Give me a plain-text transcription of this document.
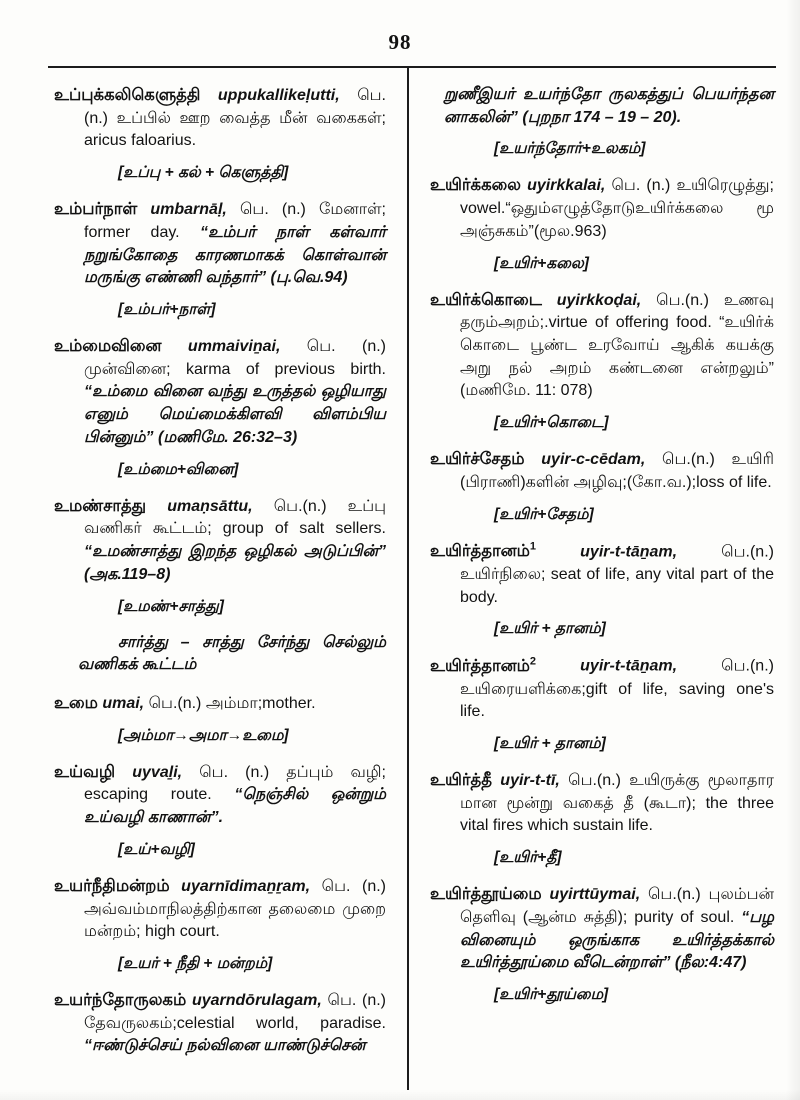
98

உப்புக்கலிகெளுத்தி uppukallikeḷutti, பெ. (n.) உப்பில் ஊற வைத்த மீன் வகைகள்; aricus faloarius.

[உப்பு + கல் + கெளுத்தி]

உம்பர்நாள் umbarnāḷ, பெ. (n.) மேனாள்; former day. “உம்பர் நாள் கள்வார் நறுங்கோதை காரணமாகக் கொள்வான் மருங்கு எண்ணி வந்தார்” (பு.வெ.94)

[உம்பர்+நாள்]

உம்மைவினை ummaiviṉai, பெ. (n.) முன்வினை; karma of previous birth. “உம்மை வினை வந்து உருத்தல் ஒழியாது எனும் மெய்மைக்கிளவி விளம்பிய பின்னும்” (மணிமே. 26:32–3)

[உம்மை+வினை]

உமண்சாத்து umaṇsāttu, பெ.(n.) உப்பு வணிகர் கூட்டம்; group of salt sellers. “உமண்சாத்து இறந்த ஒழிகல் அடுப்பின்” (அக.119–8)

[உமண்+சாத்து]

சார்த்து – சாத்து சேர்ந்து செல்லும் வணிகக் கூட்டம்

உமை umai, பெ.(n.) அம்மா;mother.

[அம்மா→அமா→உமை]

உய்வழி uyvaḻi, பெ. (n.) தப்பும் வழி; escaping route. “நெஞ்சில் ஒன்றும் உய்வழி காணான்”.

[உய்+வழி]

உயர்நீதிமன்றம் uyarnīdimaṉṟam, பெ. (n.) அவ்வம்மாநிலத்திற்கான தலைமை முறை மன்றம்; high court.

[உயர் + நீதி + மன்றம்]

உயர்ந்தோருலகம் uyarndōrulagam, பெ. (n.) தேவருலகம்;celestial world, paradise. “ஈண்டுச்செய் நல்வினை யாண்டுச்சென்

றுணீஇயர் உயர்ந்தோ ருலகத்துப் பெயர்ந்தன னாகலின்” (புறநா 174 – 19 – 20).

[உயர்ந்தோர்+உலகம்]

உயிர்க்கலை uyirkkalai, பெ. (n.) உயிரெழுத்து; vowel.“ஒதும்எழுத்தோடுஉயிர்க்கலை மூ அஞ்சுகம்”(மூல.963)

[உயிர்+கலை]

உயிர்க்கொடை uyirkkoḍai, பெ.(n.) உணவு தரும்அறம்;.virtue of offering food. “உயிர்க் கொடை பூண்ட உரவோய் ஆகிக் கயக்கு அறு நல் அறம் கண்டனை என்றலும்” (மணிமே. 11: 078)

[உயிர்+கொடை]

உயிர்ச்சேதம் uyir-c-cēdam, பெ.(n.) உயிரி (பிராணி)களின் அழிவு;(கோ.வ.);loss of life.

[உயிர்+சேதம்]

உயிர்த்தானம்$^1$	uyir-t-tāṉam,	பெ.(n.) உயிர்நிலை; seat of life, any vital part of the body.

[உயிர் + தானம்]

உயிர்த்தானம்$^2$	uyir-t-tāṉam,	பெ.(n.) உயிரையளிக்கை;gift of life, saving one's life.

[உயிர் + தானம்]

உயிர்த்தீ uyir-t-tī, பெ.(n.) உயிருக்கு மூலாதார மான மூன்று வகைத் தீ (கூடா); the three vital fires which sustain life.

[உயிர்+தீ]

உயிர்த்தூய்மை uyirttūymai, பெ.(n.) புலம்பன் தெளிவு (ஆன்ம சுத்தி); purity of soul. “பழ வினையும் ஒருங்காக உயிர்த்தக்கால் உயிர்த்தூய்மை வீடென்றாள்” (நீல:4:47)

[உயிர்+தூய்மை]
